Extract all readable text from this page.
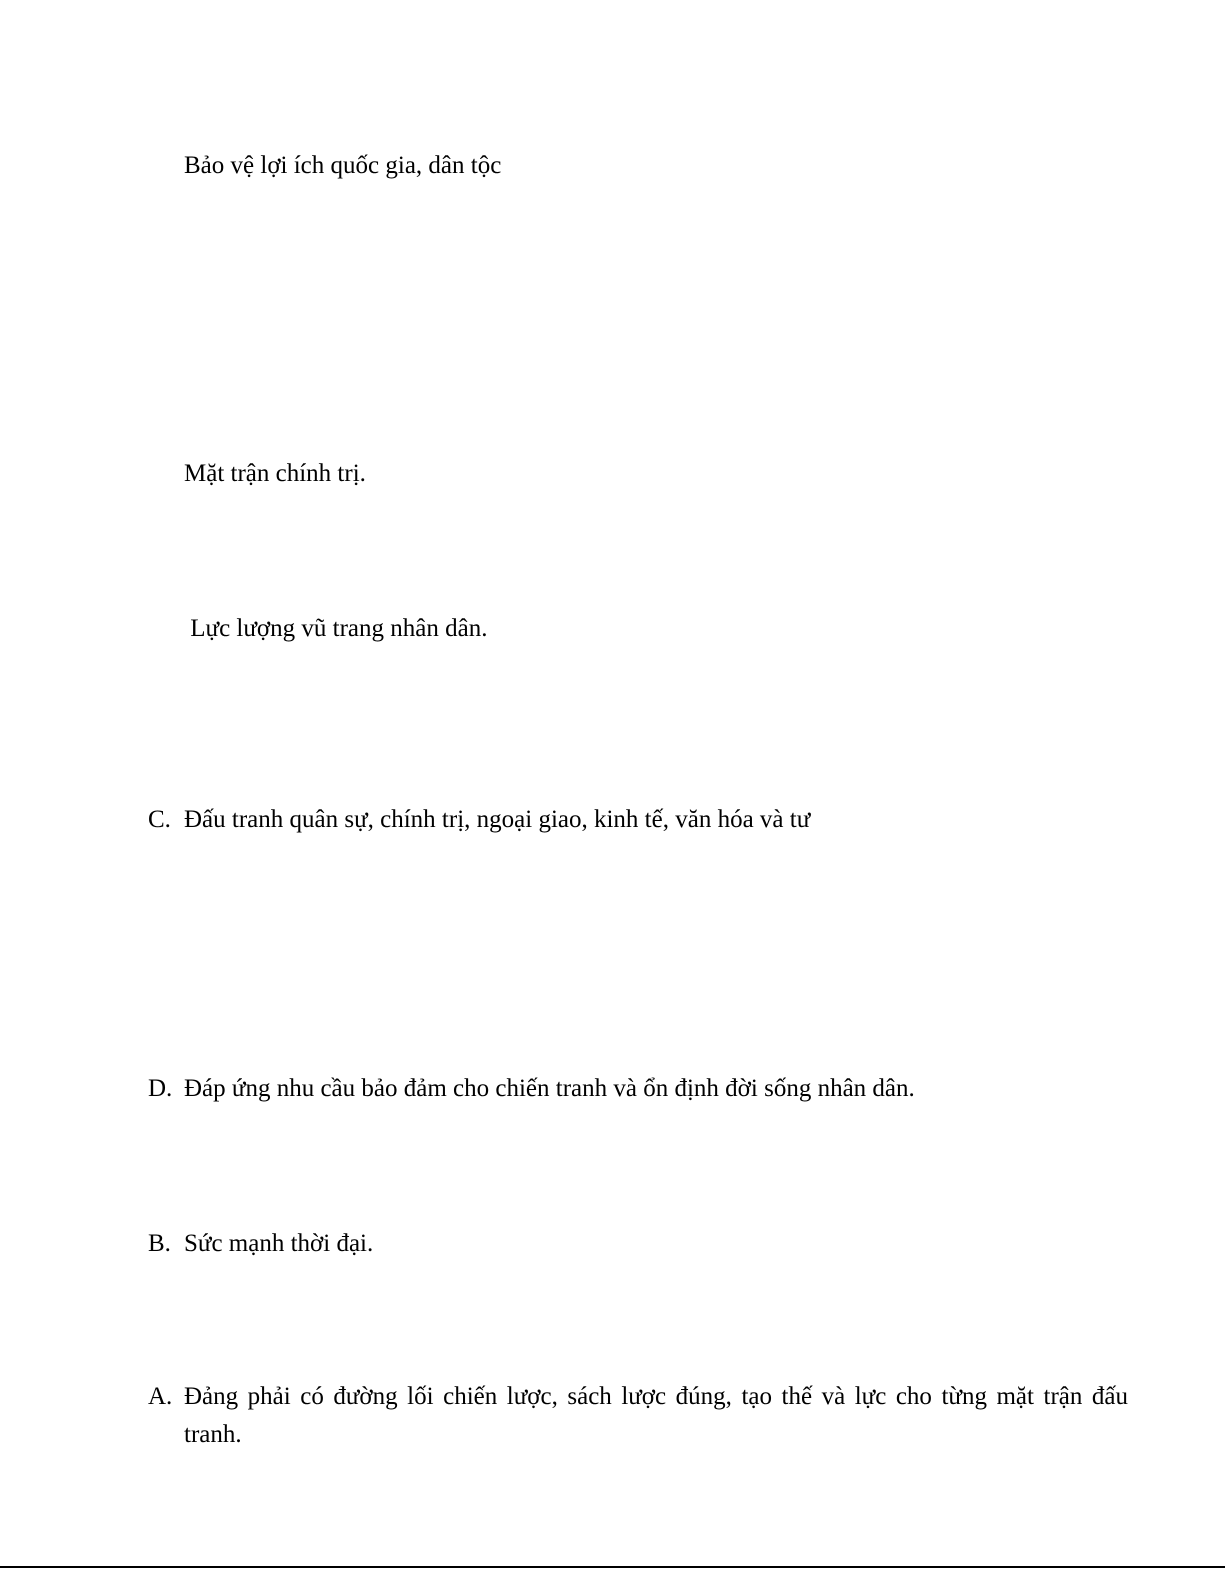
Bảo vệ lợi ích quốc gia, dân tộc
Mặt trận chính trị.
Lực lượng vũ trang nhân dân.
C. Đấu tranh quân sự, chính trị, ngoại giao, kinh tế, văn hóa và tư
D. Đáp ứng nhu cầu bảo đảm cho chiến tranh và ổn định đời sống nhân dân.
B. Sức mạnh thời đại.
A. Đảng phải có đường lối chiến lược, sách lược đúng, tạo thế và lực cho từng mặt trận đấu
tranh.
